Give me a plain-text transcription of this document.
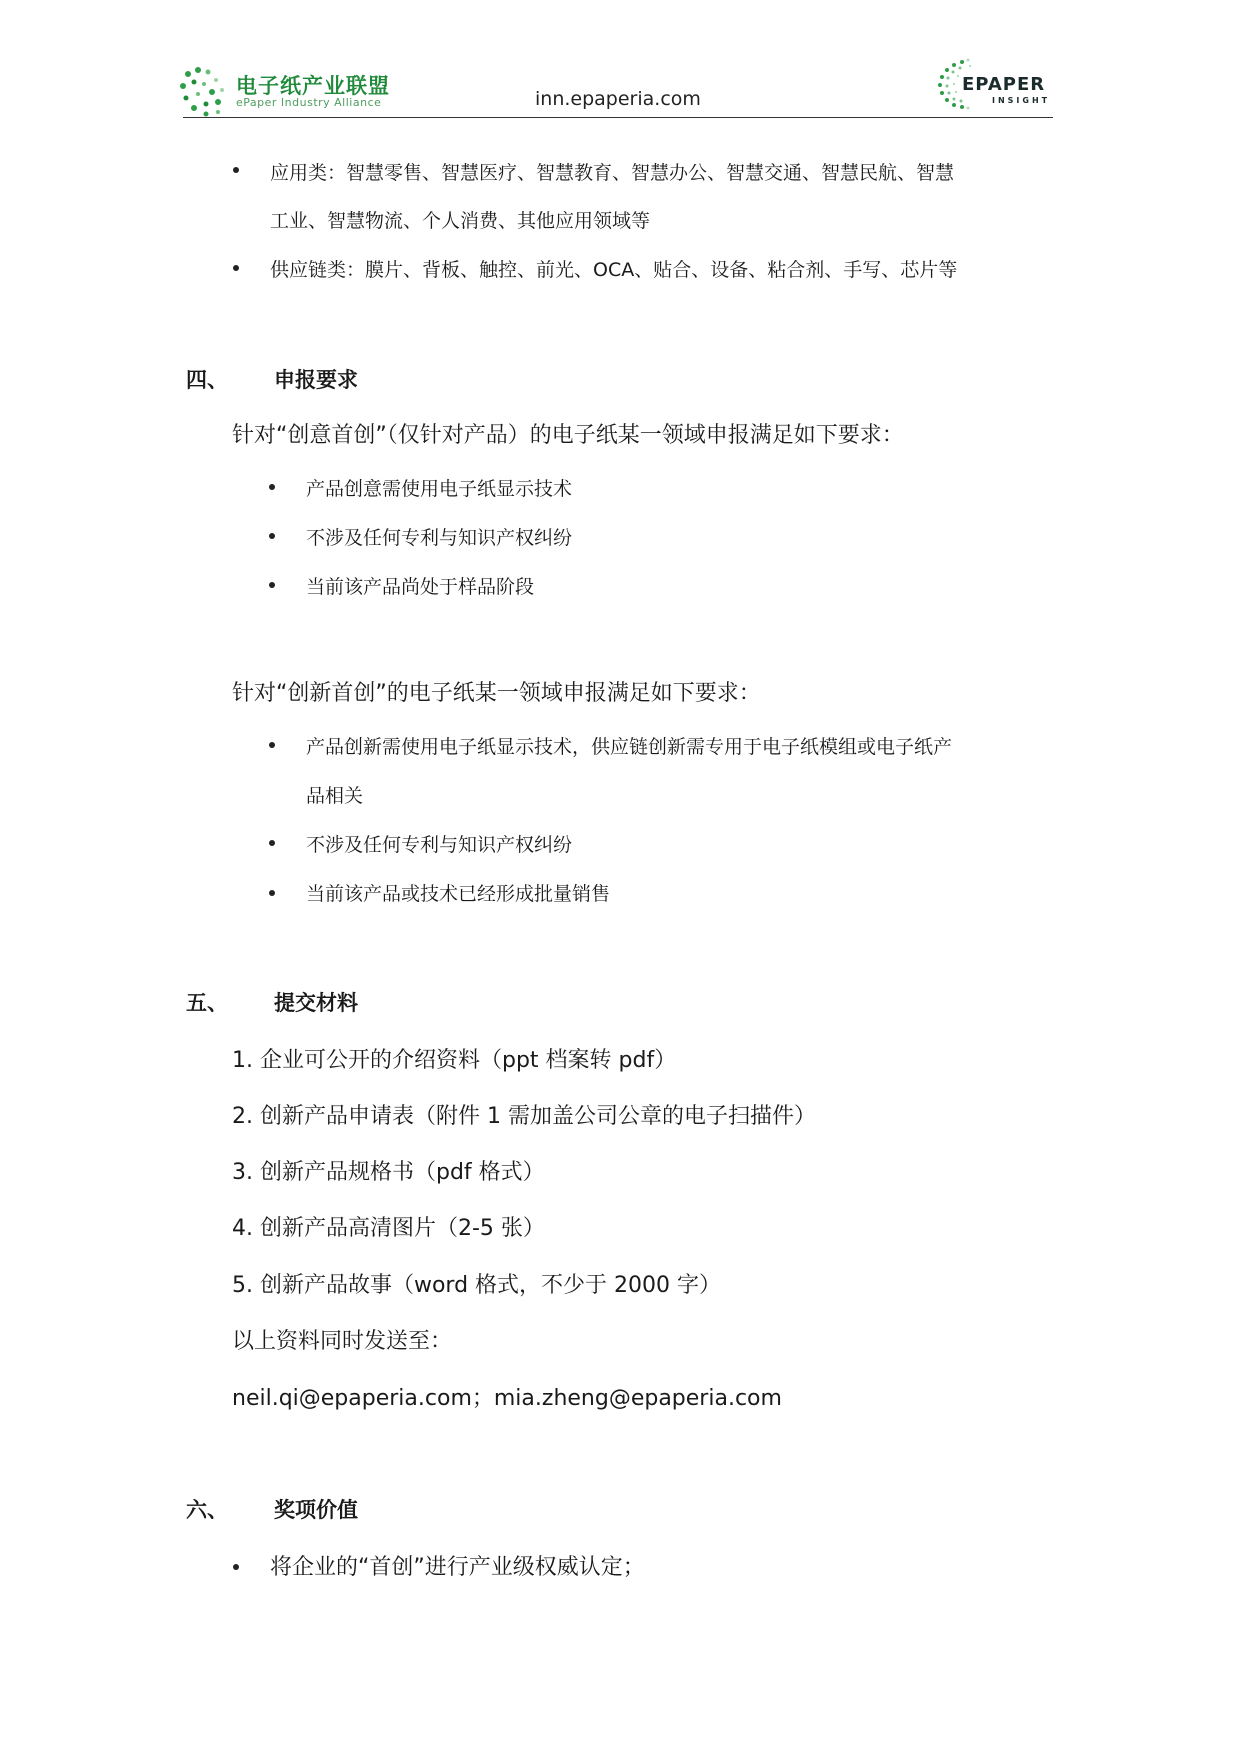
电子纸产业联盟
ePaper Industry Alliance	inn.epaperia.com
EPAPER
INSIGHT
应用类：智慧零售、智慧医疗、智慧教育、智慧办公、智慧交通、智慧民航、智慧
工业、智慧物流、个人消费、其他应用领域等
供应链类：膜片、背板、触控、前光、OCA、贴合、设备、粘合剂、手写、芯片等
四、 申报要求
针对“创意首创”（仅针对产品）的电子纸某一领域申报满足如下要求：
产品创意需使用电子纸显示技术
不涉及任何专利与知识产权纠纷
当前该产品尚处于样品阶段
针对“创新首创”的电子纸某一领域申报满足如下要求：
产品创新需使用电子纸显示技术，供应链创新需专用于电子纸模组或电子纸产
品相关
不涉及任何专利与知识产权纠纷
当前该产品或技术已经形成批量销售
五、 提交材料
1. 企业可公开的介绍资料（ppt 档案转 pdf）
2. 创新产品申请表（附件 1 需加盖公司公章的电子扫描件）
3. 创新产品规格书（pdf 格式）
4. 创新产品高清图片（2-5 张）
5. 创新产品故事（word 格式，不少于 2000 字）
以上资料同时发送至：
neil.qi@epaperia.com；mia.zheng@epaperia.com
六、 奖项价值
将企业的“首创”进行产业级权威认定；
